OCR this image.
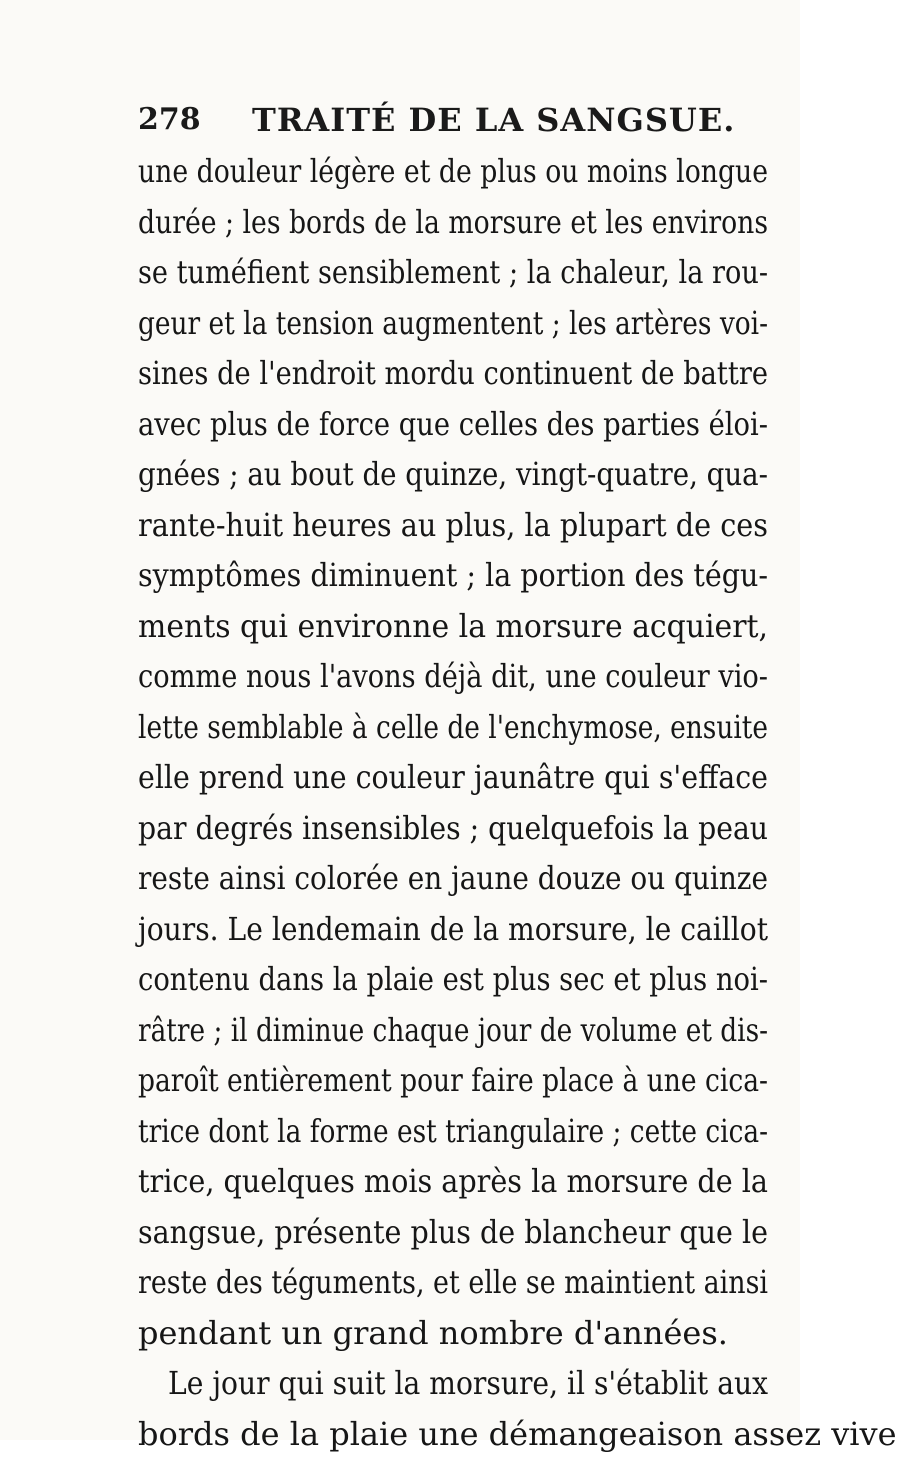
278 TRAITÉ DE LA SANGSUE.
une douleur légère et de plus ou moins longue
durée ; les bords de la morsure et les environs
se tuméfient sensiblement ; la chaleur, la rou-
geur et la tension augmentent ; les artères voi-
sines de l'endroit mordu continuent de battre
avec plus de force que celles des parties éloi-
gnées ; au bout de quinze, vingt-quatre, qua-
rante-huit heures au plus, la plupart de ces
symptômes diminuent ; la portion des tégu-
ments qui environne la morsure acquiert,
comme nous l'avons déjà dit, une couleur vio-
lette semblable à celle de l'enchymose, ensuite
elle prend une couleur jaunâtre qui s'efface
par degrés insensibles ; quelquefois la peau
reste ainsi colorée en jaune douze ou quinze
jours. Le lendemain de la morsure, le caillot
contenu dans la plaie est plus sec et plus noi-
râtre ; il diminue chaque jour de volume et dis-
paroît entièrement pour faire place à une cica-
trice dont la forme est triangulaire ; cette cica-
trice, quelques mois après la morsure de la
sangsue, présente plus de blancheur que le
reste des téguments, et elle se maintient ainsi
pendant un grand nombre d'années.
Le jour qui suit la morsure, il s'établit aux
bords de la plaie une démangeaison assez vive
